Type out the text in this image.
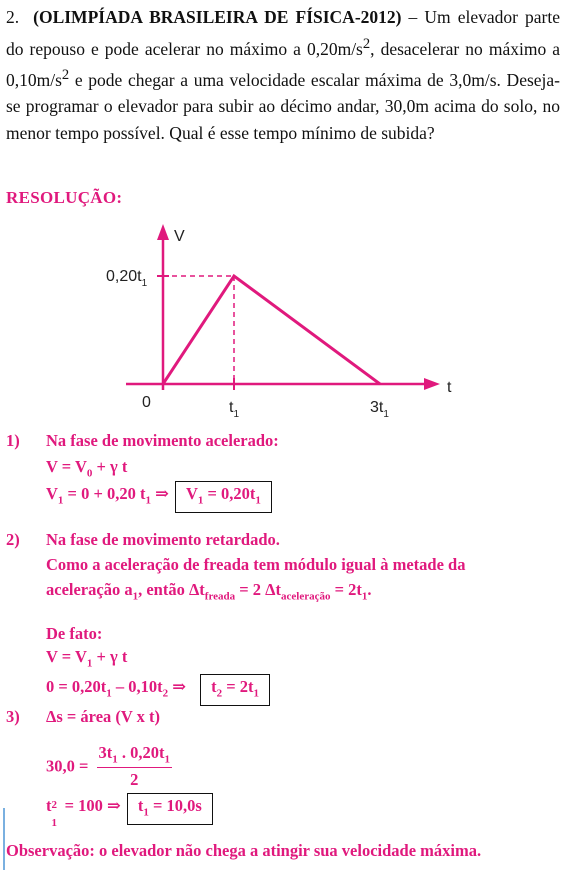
2. (OLIMPÍADA BRASILEIRA DE FÍSICA-2012) – Um elevador parte do repouso e pode acelerar no máximo a $0,20m/s^2$, desacelerar no máximo a $0,10m/s^2$ e pode chegar a uma velocidade escalar máxima de 3,0m/s. Deseja-se programar o elevador para subir ao décimo andar, 30,0m acima do solo, no menor tempo possível. Qual é esse tempo mínimo de subida?

RESOLUÇÃO:
V
t
0
$0,20t_1$
$t_1$	$3t_1$
1) Na fase de movimento acelerado:
$V = V_0 + \gamma$ t
$V_1 = 0 + 0,20$ $t_1$ ⇒ $V_1 = 0,20t_1$
2) Na fase de movimento retardado.
Como a aceleração de freada tem módulo igual à metade da
aceleração $a_1$, então $\Delta t_{freada} = 2$ $\Delta t_{aceleração} = 2t_1$.
De fato:
$V = V_1 + \gamma$ t
$0 = 0,20t_1 - 0,10t_2$ ⇒ $t_2 = 2t_1$
3) Δs = área (V x t)
$30,0 = \frac{3t_1 . 0,20t_1}{2}$
t 2
1
= 100 ⇒ $t_1 = 10,0s$
Observação: o elevador não chega a atingir sua velocidade máxima.
